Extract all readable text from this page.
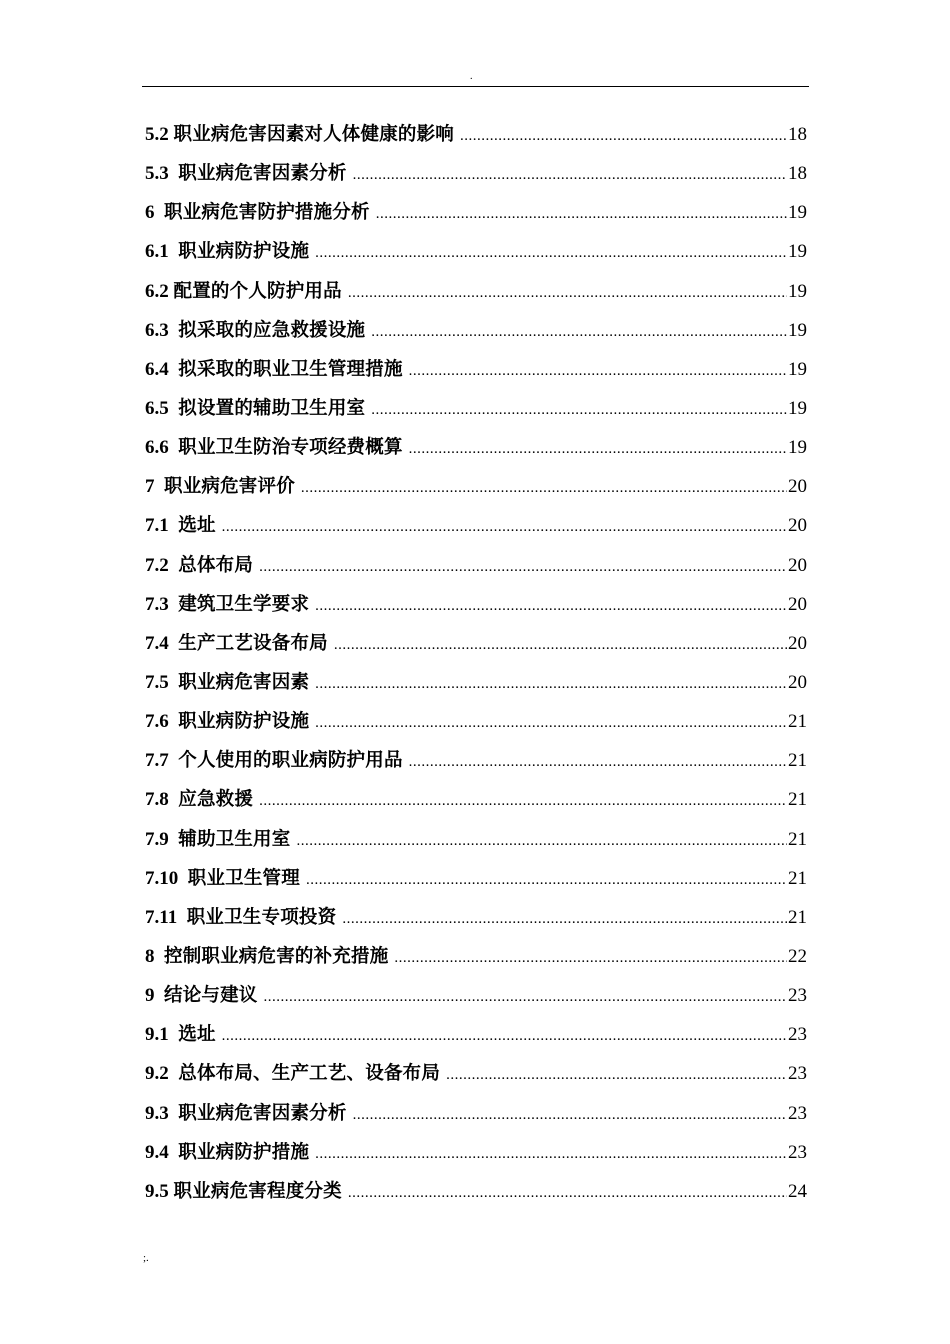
.
5.2 职业病危害因素对人体健康的影响 .....	18
5.3 职业病危害因素分析 .....	18
6 职业病危害防护措施分析 .....	19
6.1 职业病防护设施 .....	19
6.2 配置的个人防护用品 .....	19
6.3 拟采取的应急救援设施 .....	19
6.4 拟采取的职业卫生管理措施 .....	19
6.5 拟设置的辅助卫生用室 .....	19
6.6 职业卫生防治专项经费概算 .....	19
7 职业病危害评价 .....	20
7.1 选址 .....	20
7.2 总体布局 .....	20
7.3 建筑卫生学要求 .....	20
7.4 生产工艺设备布局 .....	20
7.5 职业病危害因素 .....	20
7.6 职业病防护设施 .....	21
7.7 个人使用的职业病防护用品 .....	21
7.8 应急救援 .....	21
7.9 辅助卫生用室 .....	21
7.10 职业卫生管理 .....	21
7.11 职业卫生专项投资 .....	21
8 控制职业病危害的补充措施 .....	22
9 结论与建议 .....	23
9.1 选址 .....	23
9.2 总体布局、生产工艺、设备布局 .....	23
9.3 职业病危害因素分析 .....	23
9.4 职业病防护措施 .....	23
9.5 职业病危害程度分类 .....	24
;.
